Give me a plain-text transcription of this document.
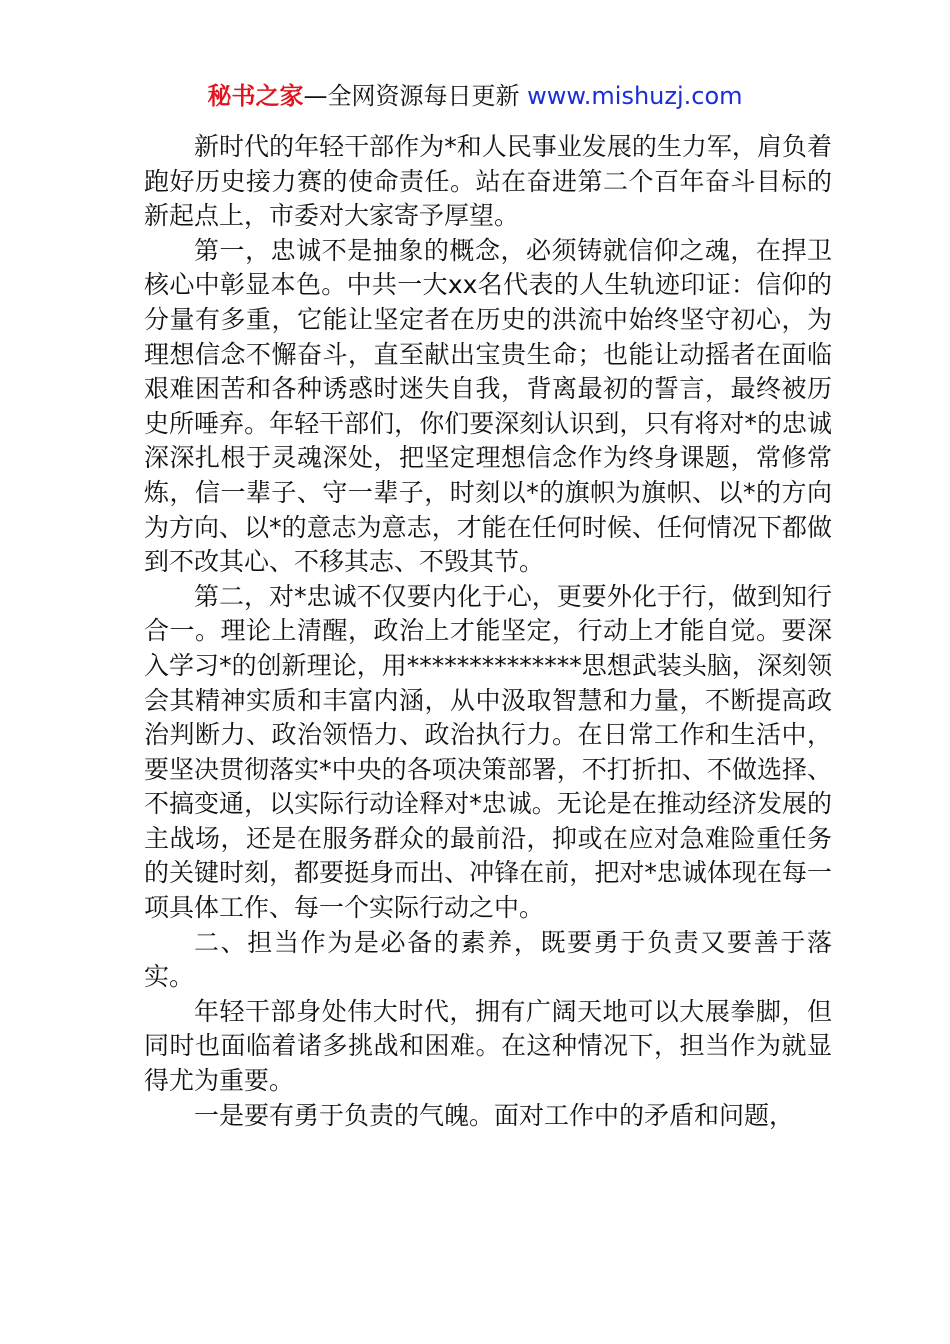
秘书之家—全网资源每日更新 www.mishuzj.com

新时代的年轻干部作为*和人民事业发展的生力军，肩负着跑好历史接力赛的使命责任。站在奋进第二个百年奋斗目标的新起点上，市委对大家寄予厚望。

第一，忠诚不是抽象的概念，必须铸就信仰之魂，在捍卫核心中彰显本色。中共一大xx名代表的人生轨迹印证：信仰的分量有多重，它能让坚定者在历史的洪流中始终坚守初心，为理想信念不懈奋斗，直至献出宝贵生命；也能让动摇者在面临艰难困苦和各种诱惑时迷失自我，背离最初的誓言，最终被历史所唾弃。年轻干部们，你们要深刻认识到，只有将对*的忠诚深深扎根于灵魂深处，把坚定理想信念作为终身课题，常修常炼，信一辈子、守一辈子，时刻以*的旗帜为旗帜、以*的方向为方向、以*的意志为意志，才能在任何时候、任何情况下都做到不改其心、不移其志、不毁其节。

第二，对*忠诚不仅要内化于心，更要外化于行，做到知行合一。理论上清醒，政治上才能坚定，行动上才能自觉。要深入学习*的创新理论，用**************思想武装头脑，深刻领会其精神实质和丰富内涵，从中汲取智慧和力量，不断提高政治判断力、政治领悟力、政治执行力。在日常工作和生活中，要坚决贯彻落实*中央的各项决策部署，不打折扣、不做选择、不搞变通，以实际行动诠释对*忠诚。无论是在推动经济发展的主战场，还是在服务群众的最前沿，抑或在应对急难险重任务的关键时刻，都要挺身而出、冲锋在前，把对*忠诚体现在每一项具体工作、每一个实际行动之中。

二、担当作为是必备的素养，既要勇于负责又要善于落实。

年轻干部身处伟大时代，拥有广阔天地可以大展拳脚，但同时也面临着诸多挑战和困难。在这种情况下，担当作为就显得尤为重要。

一是要有勇于负责的气魄。面对工作中的矛盾和问题，
